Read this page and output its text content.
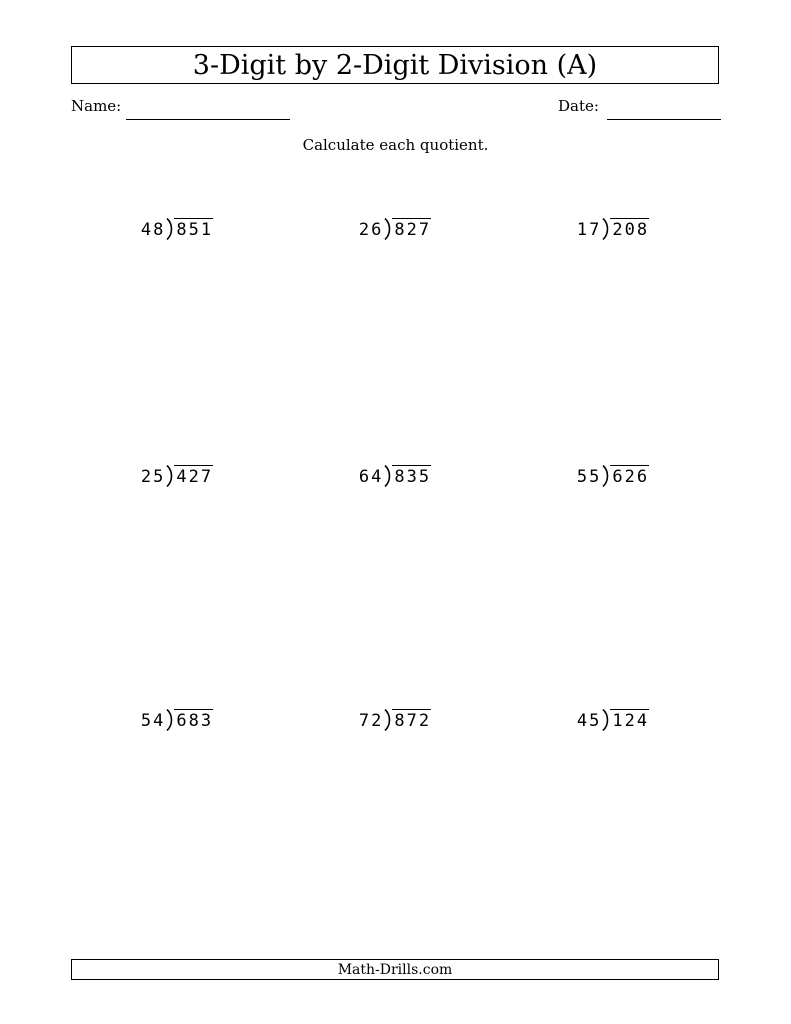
3-Digit by 2-Digit Division (A)
Name:	Date:
Calculate each quotient.
48 851	26 827	17 208
25 427	64 835	55 626
54 683	72 872	45 124
Math-Drills.com
